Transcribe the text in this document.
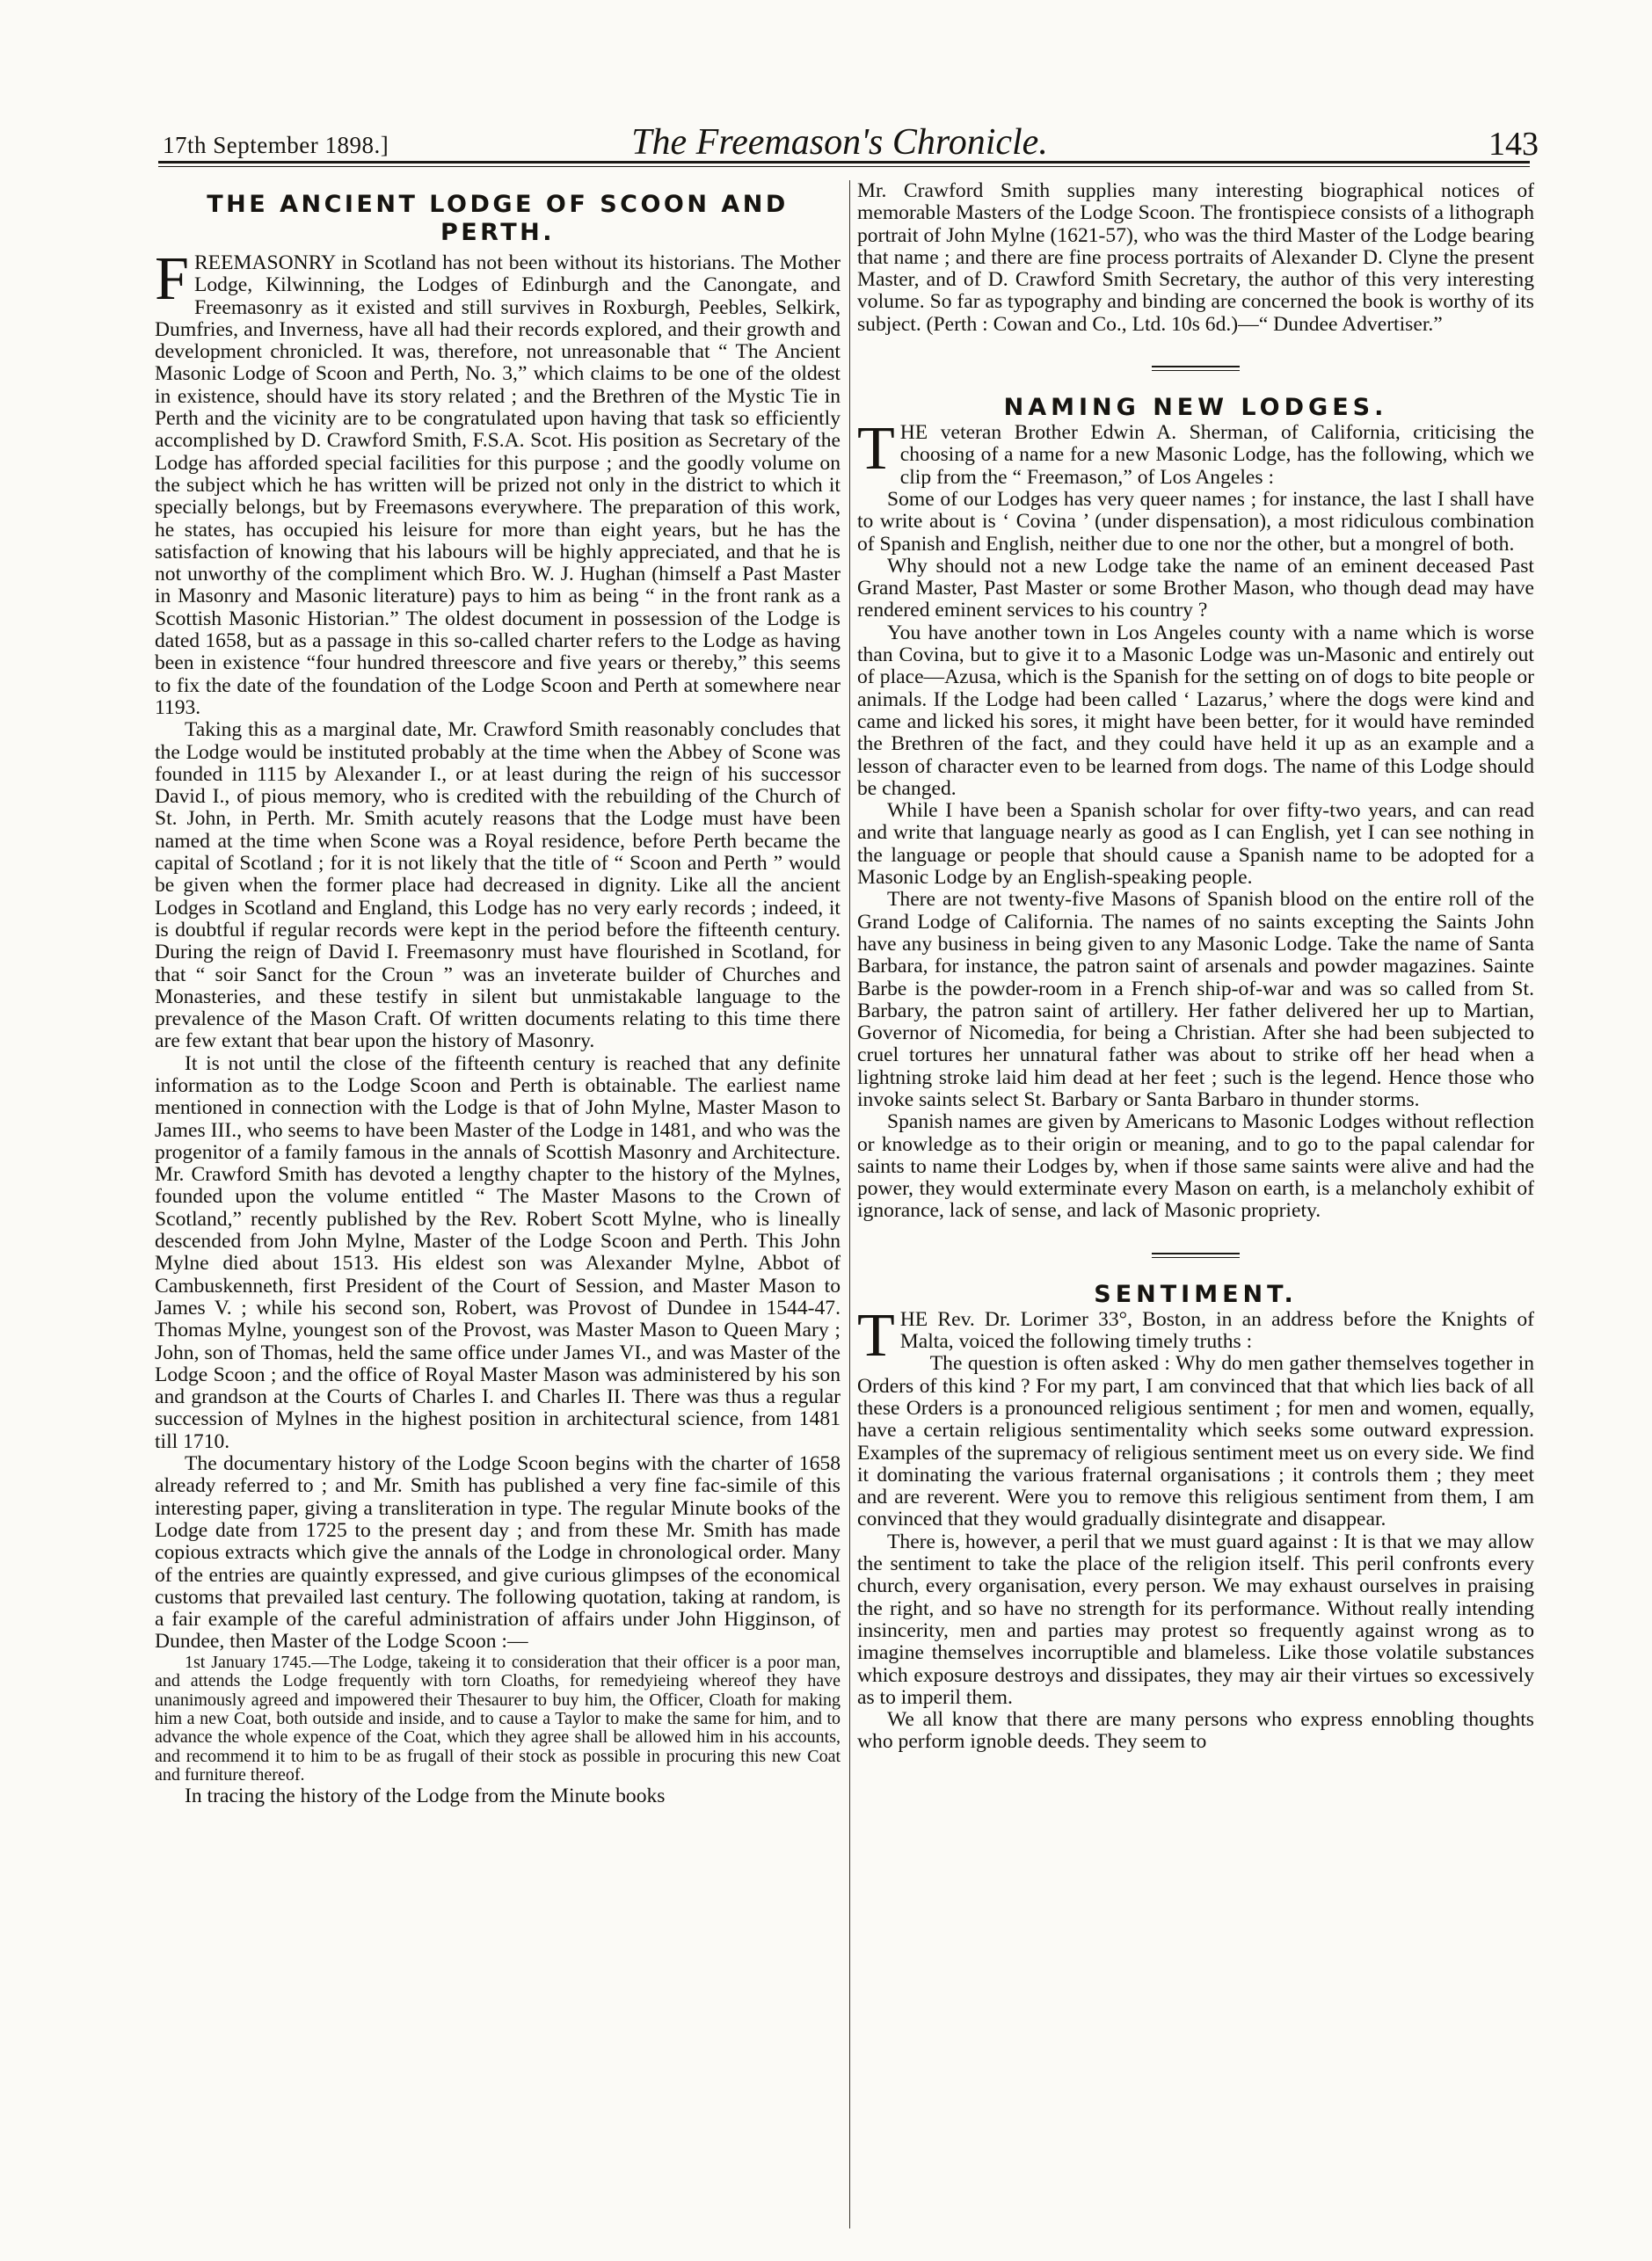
17th September 1898.]	The Freemason's Chronicle.	143
THE ANCIENT LODGE OF SCOON AND PERTH.

FREEMASONRY in Scotland has not been without its historians. The Mother Lodge, Kilwinning, the Lodges of Edinburgh and the Canongate, and Freemasonry as it existed and still survives in Roxburgh, Peebles, Selkirk, Dumfries, and Inverness, have all had their records explored, and their growth and development chronicled. It was, therefore, not unreasonable that “ The Ancient Masonic Lodge of Scoon and Perth, No. 3,” which claims to be one of the oldest in existence, should have its story related ; and the Brethren of the Mystic Tie in Perth and the vicinity are to be congratulated upon having that task so efficiently accomplished by D. Crawford Smith, F.S.A. Scot. His position as Secretary of the Lodge has afforded special facilities for this purpose ; and the goodly volume on the subject which he has written will be prized not only in the district to which it specially belongs, but by Freemasons everywhere. The preparation of this work, he states, has occupied his leisure for more than eight years, but he has the satisfaction of knowing that his labours will be highly appreciated, and that he is not unworthy of the compliment which Bro. W. J. Hughan (himself a Past Master in Masonry and Masonic literature) pays to him as being “ in the front rank as a Scottish Masonic Historian.” The oldest document in possession of the Lodge is dated 1658, but as a passage in this so-called charter refers to the Lodge as having been in existence “four hundred threescore and five years or thereby,” this seems to fix the date of the foundation of the Lodge Scoon and Perth at somewhere near 1193.

Taking this as a marginal date, Mr. Crawford Smith reasonably concludes that the Lodge would be instituted probably at the time when the Abbey of Scone was founded in 1115 by Alexander I., or at least during the reign of his successor David I., of pious memory, who is credited with the rebuilding of the Church of St. John, in Perth. Mr. Smith acutely reasons that the Lodge must have been named at the time when Scone was a Royal residence, before Perth became the capital of Scotland ; for it is not likely that the title of “ Scoon and Perth ” would be given when the former place had decreased in dignity. Like all the ancient Lodges in Scotland and England, this Lodge has no very early records ; indeed, it is doubtful if regular records were kept in the period before the fifteenth century. During the reign of David I. Freemasonry must have flourished in Scotland, for that “ soir Sanct for the Croun ” was an inveterate builder of Churches and Monasteries, and these testify in silent but unmistakable language to the prevalence of the Mason Craft. Of written documents relating to this time there are few extant that bear upon the history of Masonry.

It is not until the close of the fifteenth century is reached that any definite information as to the Lodge Scoon and Perth is obtainable. The earliest name mentioned in connection with the Lodge is that of John Mylne, Master Mason to James III., who seems to have been Master of the Lodge in 1481, and who was the progenitor of a family famous in the annals of Scottish Masonry and Architecture. Mr. Crawford Smith has devoted a lengthy chapter to the history of the Mylnes, founded upon the volume entitled “ The Master Masons to the Crown of Scotland,” recently published by the Rev. Robert Scott Mylne, who is lineally descended from John Mylne, Master of the Lodge Scoon and Perth. This John Mylne died about 1513. His eldest son was Alexander Mylne, Abbot of Cambuskenneth, first President of the Court of Session, and Master Mason to James V. ; while his second son, Robert, was Provost of Dundee in 1544-47. Thomas Mylne, youngest son of the Provost, was Master Mason to Queen Mary ; John, son of Thomas, held the same office under James VI., and was Master of the Lodge Scoon ; and the office of Royal Master Mason was administered by his son and grandson at the Courts of Charles I. and Charles II. There was thus a regular succession of Mylnes in the highest position in architectural science, from 1481 till 1710.

The documentary history of the Lodge Scoon begins with the charter of 1658 already referred to ; and Mr. Smith has published a very fine fac-simile of this interesting paper, giving a transliteration in type. The regular Minute books of the Lodge date from 1725 to the present day ; and from these Mr. Smith has made copious extracts which give the annals of the Lodge in chronological order. Many of the entries are quaintly expressed, and give curious glimpses of the economical customs that prevailed last century. The following quotation, taking at random, is a fair example of the careful administration of affairs under John Higginson, of Dundee, then Master of the Lodge Scoon :—

1st January 1745.—The Lodge, takeing it to consideration that their officer is a poor man, and attends the Lodge frequently with torn Cloaths, for remedyieing whereof they have unanimously agreed and impowered their Thesaurer to buy him, the Officer, Cloath for making him a new Coat, both outside and inside, and to cause a Taylor to make the same for him, and to advance the whole expence of the Coat, which they agree shall be allowed him in his accounts, and recommend it to him to be as frugall of their stock as possible in procuring this new Coat and furniture thereof.

In tracing the history of the Lodge from the Minute books

Mr. Crawford Smith supplies many interesting biographical notices of memorable Masters of the Lodge Scoon. The frontispiece consists of a lithograph portrait of John Mylne (1621-57), who was the third Master of the Lodge bearing that name ; and there are fine process portraits of Alexander D. Clyne the present Master, and of D. Crawford Smith Secretary, the author of this very interesting volume. So far as typography and binding are concerned the book is worthy of its subject. (Perth : Cowan and Co., Ltd. 10s 6d.)—“ Dundee Advertiser.”

NAMING NEW LODGES.

THE veteran Brother Edwin A. Sherman, of California, criticising the choosing of a name for a new Masonic Lodge, has the following, which we clip from the “ Freemason,” of Los Angeles :

Some of our Lodges has very queer names ; for instance, the last I shall have to write about is ‘ Covina ’ (under dispensation), a most ridiculous combination of Spanish and English, neither due to one nor the other, but a mongrel of both.

Why should not a new Lodge take the name of an eminent deceased Past Grand Master, Past Master or some Brother Mason, who though dead may have rendered eminent services to his country ?

You have another town in Los Angeles county with a name which is worse than Covina, but to give it to a Masonic Lodge was un-Masonic and entirely out of place—Azusa, which is the Spanish for the setting on of dogs to bite people or animals. If the Lodge had been called ‘ Lazarus,’ where the dogs were kind and came and licked his sores, it might have been better, for it would have reminded the Brethren of the fact, and they could have held it up as an example and a lesson of character even to be learned from dogs. The name of this Lodge should be changed.

While I have been a Spanish scholar for over fifty-two years, and can read and write that language nearly as good as I can English, yet I can see nothing in the language or people that should cause a Spanish name to be adopted for a Masonic Lodge by an English-speaking people.

There are not twenty-five Masons of Spanish blood on the entire roll of the Grand Lodge of California. The names of no saints excepting the Saints John have any business in being given to any Masonic Lodge. Take the name of Santa Barbara, for instance, the patron saint of arsenals and powder magazines. Sainte Barbe is the powder-room in a French ship-of-war and was so called from St. Barbary, the patron saint of artillery. Her father delivered her up to Martian, Governor of Nicomedia, for being a Christian. After she had been subjected to cruel tortures her unnatural father was about to strike off her head when a lightning stroke laid him dead at her feet ; such is the legend. Hence those who invoke saints select St. Barbary or Santa Barbaro in thunder storms.

Spanish names are given by Americans to Masonic Lodges without reflection or knowledge as to their origin or meaning, and to go to the papal calendar for saints to name their Lodges by, when if those same saints were alive and had the power, they would exterminate every Mason on earth, is a melancholy exhibit of ignorance, lack of sense, and lack of Masonic propriety.

SENTIMENT.

THE Rev. Dr. Lorimer 33°, Boston, in an address before the Knights of Malta, voiced the following timely truths :

The question is often asked : Why do men gather themselves together in Orders of this kind ? For my part, I am convinced that that which lies back of all these Orders is a pronounced religious sentiment ; for men and women, equally, have a certain religious sentimentality which seeks some outward expression. Examples of the supremacy of religious sentiment meet us on every side. We find it dominating the various fraternal organisations ; it controls them ; they meet and are reverent. Were you to remove this religious sentiment from them, I am convinced that they would gradually disintegrate and disappear.

There is, however, a peril that we must guard against : It is that we may allow the sentiment to take the place of the religion itself. This peril confronts every church, every organisation, every person. We may exhaust ourselves in praising the right, and so have no strength for its performance. Without really intending insincerity, men and parties may protest so frequently against wrong as to imagine themselves incorruptible and blameless. Like those volatile substances which exposure destroys and dissipates, they may air their virtues so excessively as to imperil them.

We all know that there are many persons who express ennobling thoughts who perform ignoble deeds. They seem to
